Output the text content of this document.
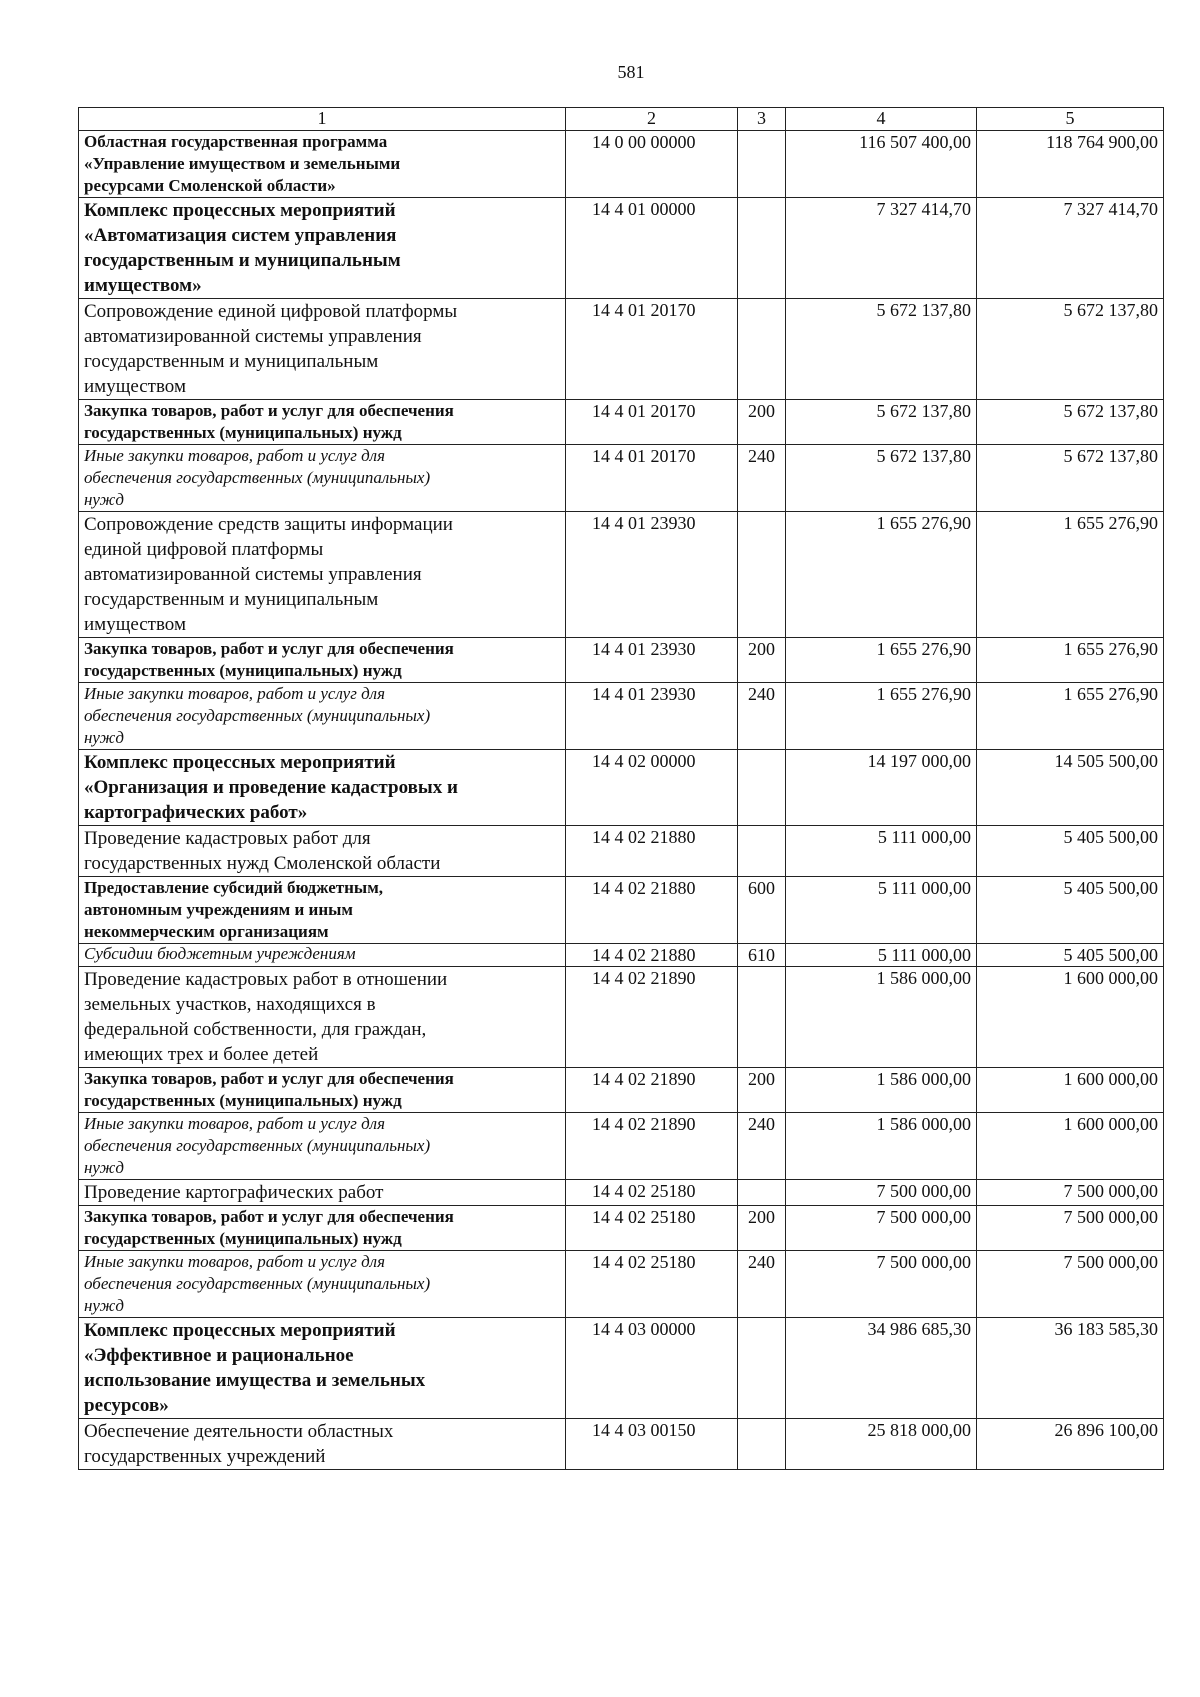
581
1	2	3	4	5

Областная государственная программа
«Управление имуществом и земельными
ресурсами Смоленской области»	14 0 00 00000		116 507 400,00	118 764 900,00

Комплекс процессных мероприятий
«Автоматизация систем управления
государственным и муниципальным
имуществом»	14 4 01 00000		7 327 414,70	7 327 414,70

Сопровождение единой цифровой платформы
автоматизированной системы управления
государственным и муниципальным
имуществом	14 4 01 20170		5 672 137,80	5 672 137,80

Закупка товаров, работ и услуг для обеспечения
государственных (муниципальных) нужд	14 4 01 20170	200	5 672 137,80	5 672 137,80

Иные закупки товаров, работ и услуг для
обеспечения государственных (муниципальных)
нужд	14 4 01 20170	240	5 672 137,80	5 672 137,80

Сопровождение средств защиты информации
единой цифровой платформы
автоматизированной системы управления
государственным и муниципальным
имуществом	14 4 01 23930		1 655 276,90	1 655 276,90

Закупка товаров, работ и услуг для обеспечения
государственных (муниципальных) нужд	14 4 01 23930	200	1 655 276,90	1 655 276,90

Иные закупки товаров, работ и услуг для
обеспечения государственных (муниципальных)
нужд	14 4 01 23930	240	1 655 276,90	1 655 276,90

Комплекс процессных мероприятий
«Организация и проведение кадастровых и
картографических работ»	14 4 02 00000		14 197 000,00	14 505 500,00

Проведение кадастровых работ для
государственных нужд Смоленской области	14 4 02 21880		5 111 000,00	5 405 500,00

Предоставление субсидий бюджетным,
автономным учреждениям и иным
некоммерческим организациям	14 4 02 21880	600	5 111 000,00	5 405 500,00

Субсидии бюджетным учреждениям	14 4 02 21880	610	5 111 000,00	5 405 500,00

Проведение кадастровых работ в отношении
земельных участков, находящихся в
федеральной собственности, для граждан,
имеющих трех и более детей	14 4 02 21890		1 586 000,00	1 600 000,00

Закупка товаров, работ и услуг для обеспечения
государственных (муниципальных) нужд	14 4 02 21890	200	1 586 000,00	1 600 000,00

Иные закупки товаров, работ и услуг для
обеспечения государственных (муниципальных)
нужд	14 4 02 21890	240	1 586 000,00	1 600 000,00

Проведение картографических работ	14 4 02 25180		7 500 000,00	7 500 000,00

Закупка товаров, работ и услуг для обеспечения
государственных (муниципальных) нужд	14 4 02 25180	200	7 500 000,00	7 500 000,00

Иные закупки товаров, работ и услуг для
обеспечения государственных (муниципальных)
нужд	14 4 02 25180	240	7 500 000,00	7 500 000,00

Комплекс процессных мероприятий
«Эффективное и рациональное
использование имущества и земельных
ресурсов»	14 4 03 00000		34 986 685,30	36 183 585,30

Обеспечение деятельности областных
государственных учреждений	14 4 03 00150		25 818 000,00	26 896 100,00
